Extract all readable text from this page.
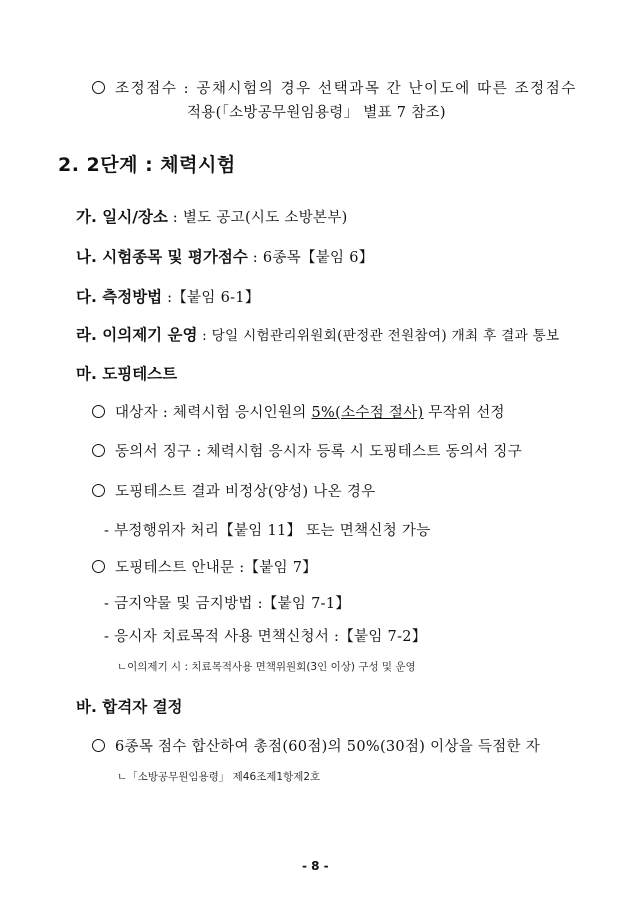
조정점수 : 공채시험의 경우 선택과목 간 난이도에 따른 조정점수
적용(「소방공무원임용령」 별표 7 참조)
2. 2단계 : 체력시험
가. 일시/장소 : 별도 공고(시도 소방본부)
나. 시험종목 및 평가점수 : 6종목【붙임 6】
다. 측정방법 :【붙임 6-1】
라. 이의제기 운영 : 당일 시험관리위원회(판정관 전원참여) 개최 후 결과 통보
마. 도핑테스트
대상자 : 체력시험 응시인원의 5%(소수점 절사) 무작위 선정
동의서 징구 : 체력시험 응시자 등록 시 도핑테스트 동의서 징구
도핑테스트 결과 비정상(양성) 나온 경우
- 부정행위자 처리【붙임 11】 또는 면책신청 가능
도핑테스트 안내문 :【붙임 7】
- 금지약물 및 금지방법 :【붙임 7-1】
- 응시자 치료목적 사용 면책신청서 :【붙임 7-2】
ㄴ이의제기 시 : 치료목적사용 면책위원회(3인 이상) 구성 및 운영
바. 합격자 결정
6종목 점수 합산하여 총점(60점)의 50%(30점) 이상을 득점한 자
ㄴ「소방공무원임용령」 제46조제1항제2호
- 8 -
